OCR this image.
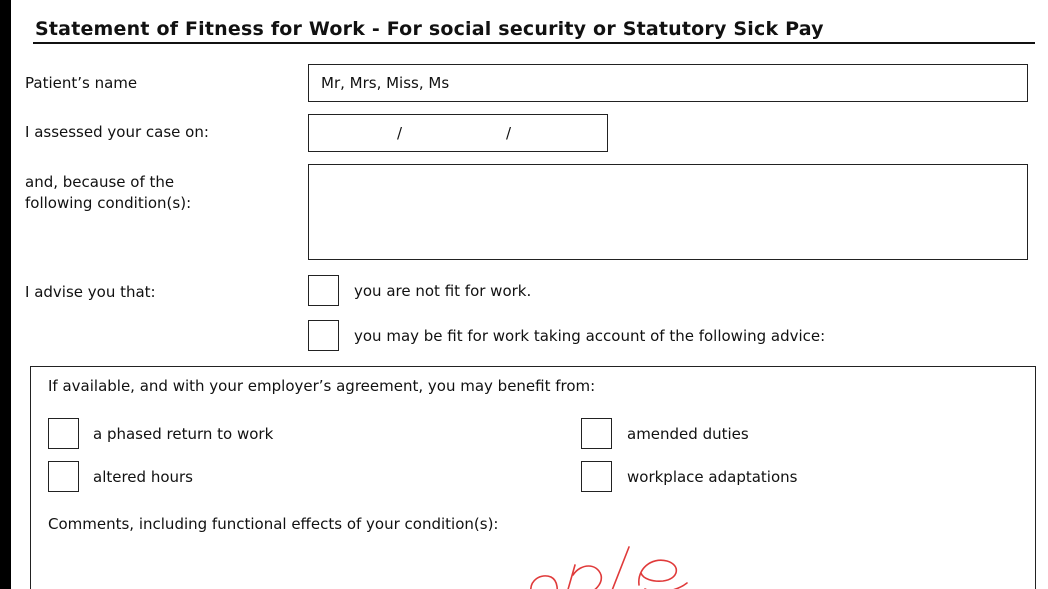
Statement of Fitness for Work - For social security or Statutory Sick Pay
Patient’s name	Mr, Mrs, Miss, Ms
I assessed your case on:	/	/
and, because of the
following condition(s):
I advise you that:	you are not fit for work.
you may be fit for work taking account of the following advice:
If available, and with your employer’s agreement, you may benefit from:
a phased return to work	amended duties
altered hours	workplace adaptations
Comments, including functional effects of your condition(s):
